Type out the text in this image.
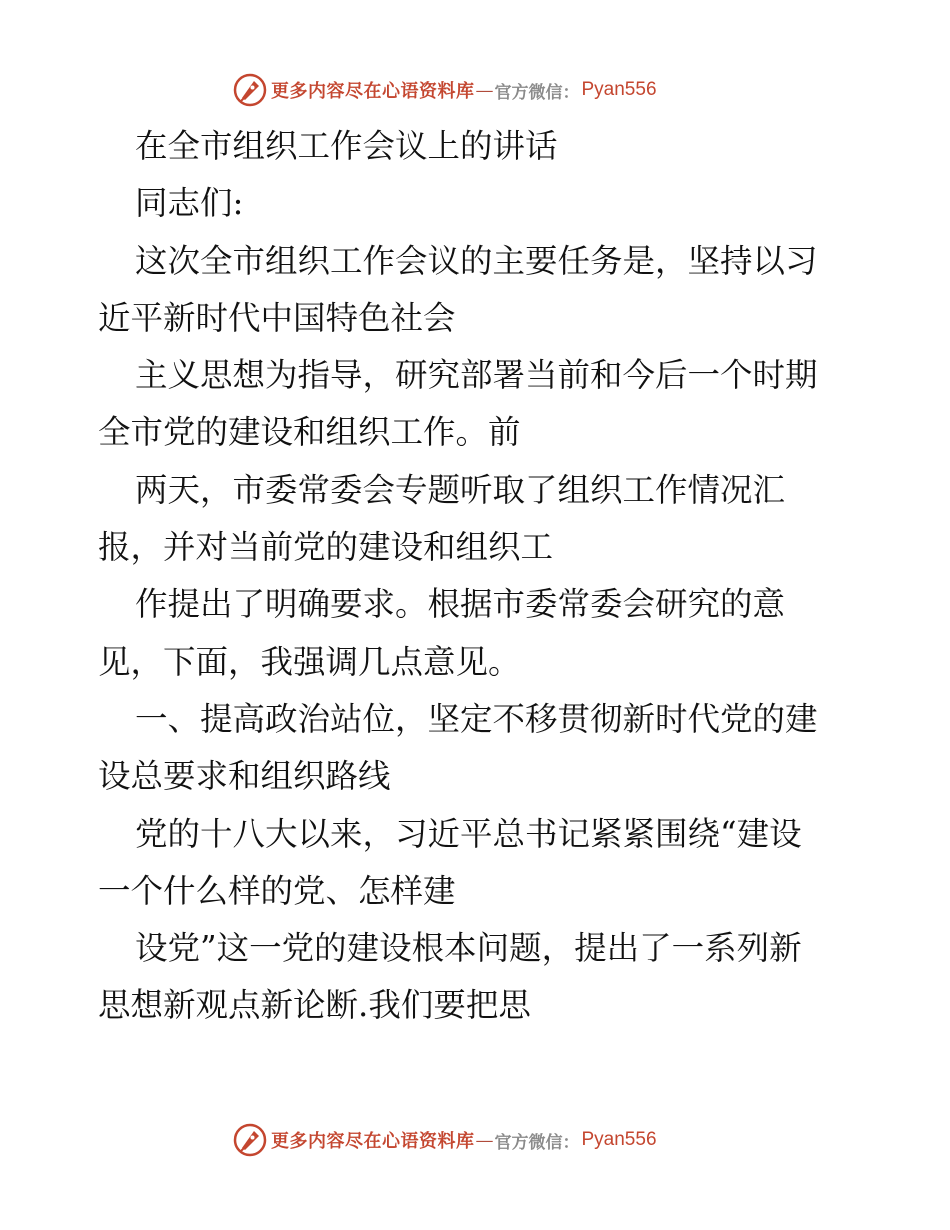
更多内容尽在心语资料库 — 官方微信： Pyan556
在全市组织工作会议上的讲话
同志们:
这次全市组织工作会议的主要任务是，坚持以习
近平新时代中国特色社会
主义思想为指导，研究部署当前和今后一个时期
全市党的建设和组织工作。前
两天，市委常委会专题听取了组织工作情况汇
报，并对当前党的建设和组织工
作提出了明确要求。根据市委常委会研究的意
见，下面，我强调几点意见。
一、提高政治站位，坚定不移贯彻新时代党的建
设总要求和组织路线
党的十八大以来，习近平总书记紧紧围绕“建设
一个什么样的党、怎样建
设党”这一党的建设根本问题，提出了一系列新
思想新观点新论断.我们要把思
更多内容尽在心语资料库 — 官方微信： Pyan556
